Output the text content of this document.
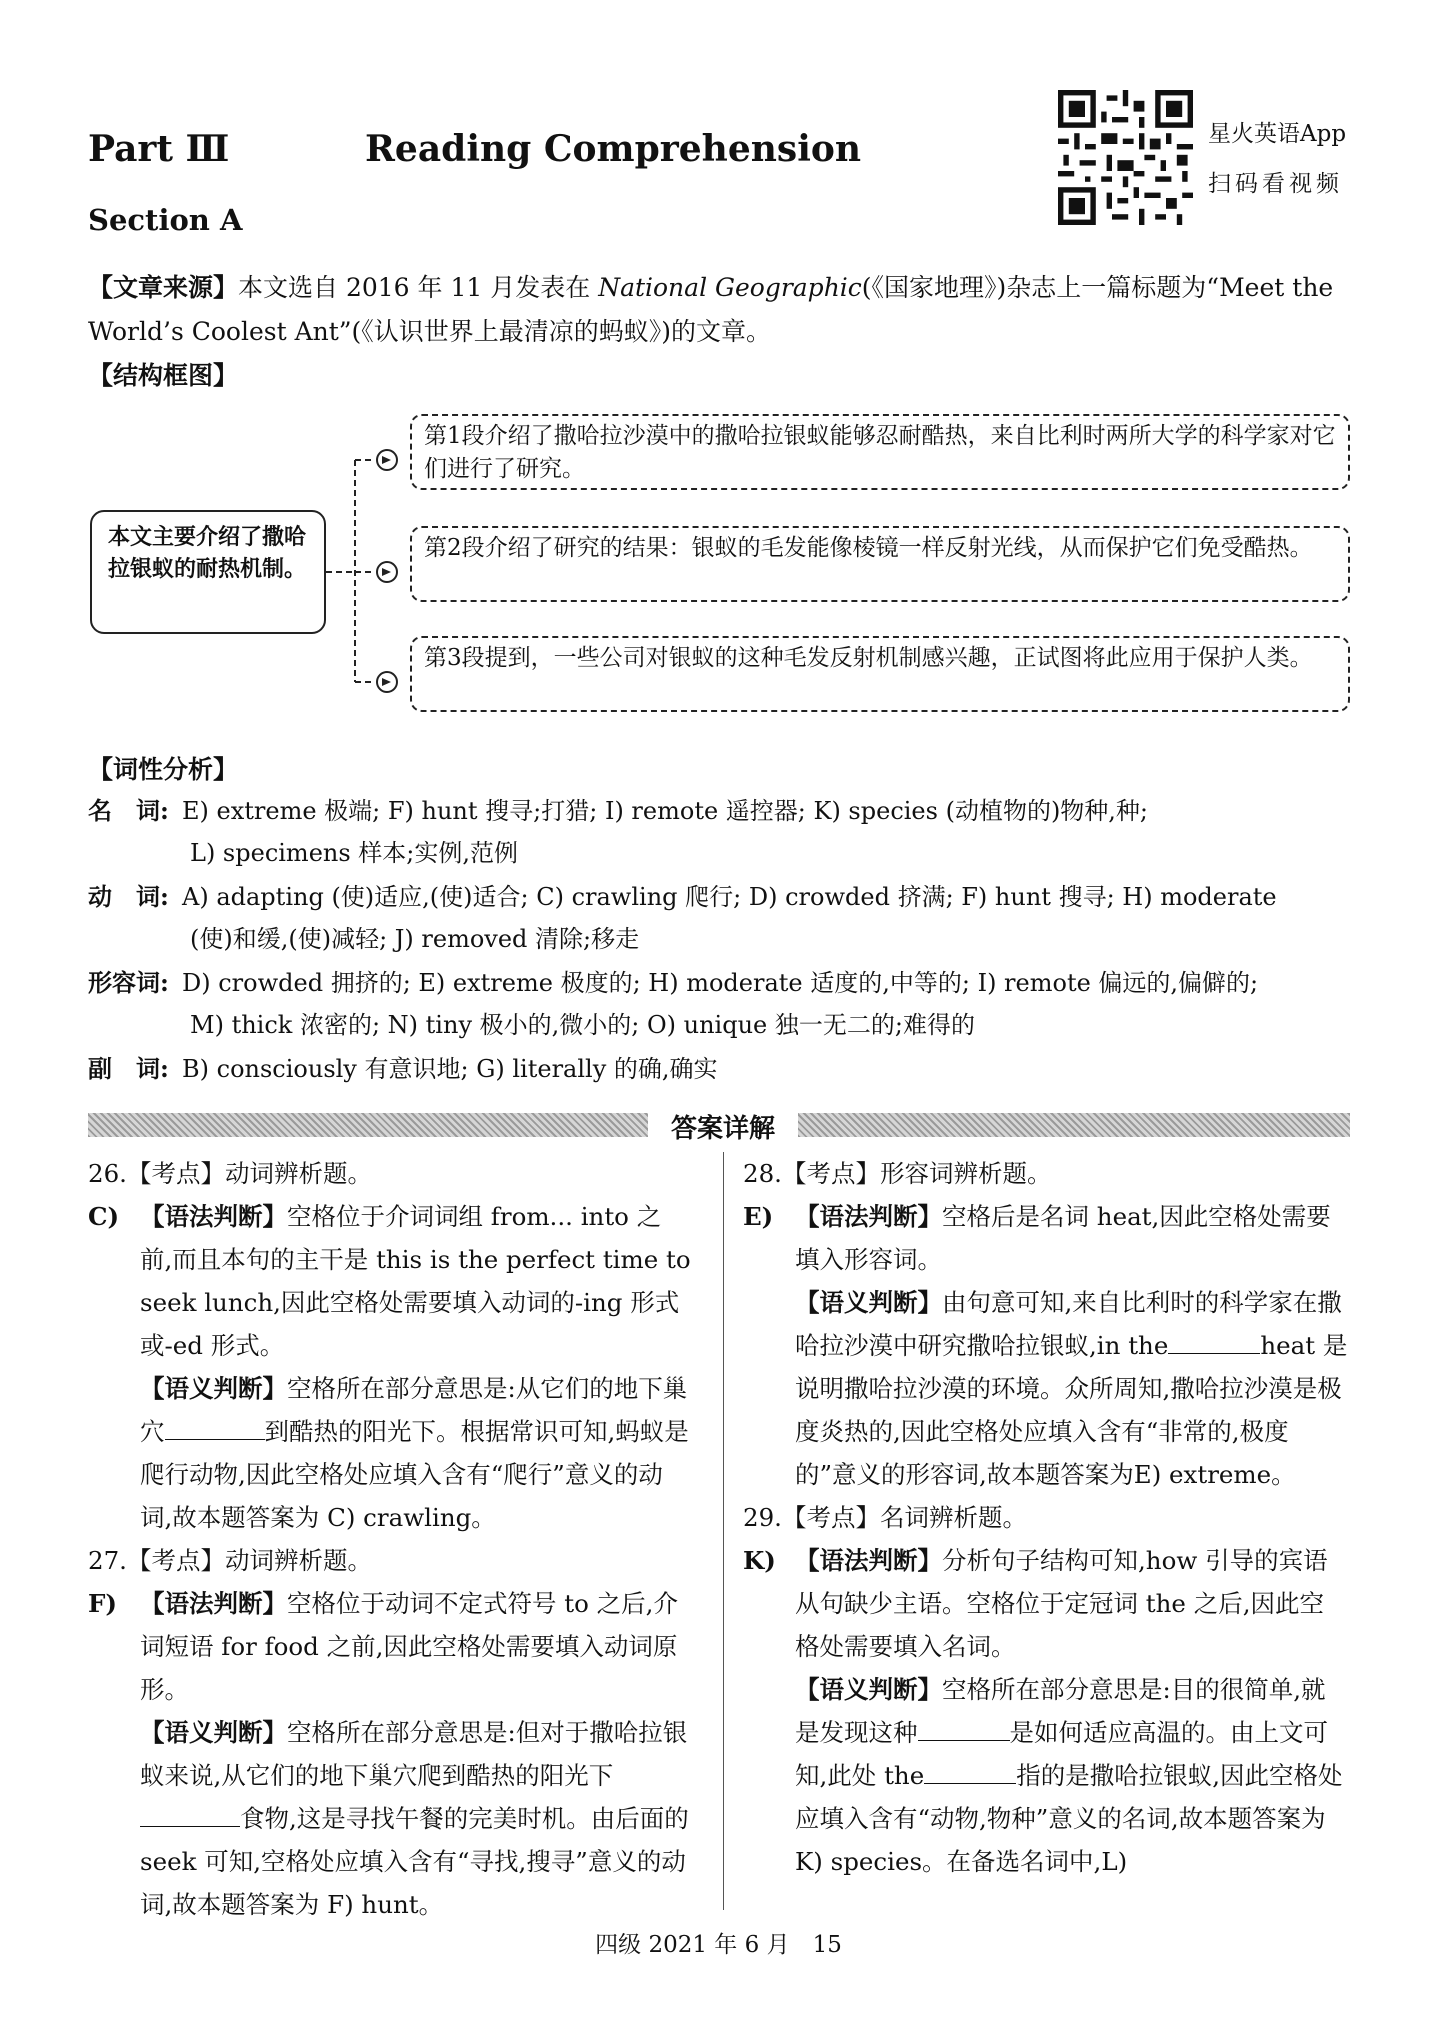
Part Ⅲ	Reading Comprehension
Section A
星火英语App
扫码看视频
【文章来源】本文选自 2016 年 11 月发表在 National Geographic(《国家地理》)杂志上一篇标题为“Meet the World’s Coolest Ant”(《认识世界上最清凉的蚂蚁》)的文章。
【结构框图】
本文主要介绍了撒哈拉银蚁的耐热机制。
第1段介绍了撒哈拉沙漠中的撒哈拉银蚁能够忍耐酷热，来自比利时两所大学的科学家对它们进行了研究。
第2段介绍了研究的结果：银蚁的毛发能像棱镜一样反射光线，从而保护它们免受酷热。
第3段提到，一些公司对银蚁的这种毛发反射机制感兴趣，正试图将此应用于保护人类。
【词性分析】
名　词: E) extreme 极端; F) hunt 搜寻;打猎; I) remote 遥控器; K) species (动植物的)物种,种;
L) specimens 样本;实例,范例
动　词: A) adapting (使)适应,(使)适合; C) crawling 爬行; D) crowded 挤满; F) hunt 搜寻; H) moderate
(使)和缓,(使)减轻; J) removed 清除;移走
形容词: D) crowded 拥挤的; E) extreme 极度的; H) moderate 适度的,中等的; I) remote 偏远的,偏僻的;
M) thick 浓密的; N) tiny 极小的,微小的; O) unique 独一无二的;难得的
副　词: B) consciously 有意识地; G) literally 的确,确实
答案详解

26.【考点】动词辨析题。

C) 【语法判断】空格位于介词词组 from... into 之前,而且本句的主干是 this is the perfect time to seek lunch,因此空格处需要填入动词的-ing 形式或-ed 形式。

【语义判断】空格所在部分意思是:从它们的地下巢穴	到酷热的阳光下。根据常识可知,蚂蚁是爬行动物,因此空格处应填入含有“爬行”意义的动词,故本题答案为 C) crawling。

27.【考点】动词辨析题。

F) 【语法判断】空格位于动词不定式符号 to 之后,介词短语 for food 之前,因此空格处需要填入动词原形。

【语义判断】空格所在部分意思是:但对于撒哈拉银蚁来说,从它们的地下巢穴爬到酷热的阳光下食物,这是寻找午餐的完美时机。由后面的 seek 可知,空格处应填入含有“寻找,搜寻”意义的动词,故本题答案为 F) hunt。

28.【考点】形容词辨析题。

E) 【语法判断】空格后是名词 heat,因此空格处需要填入形容词。

【语义判断】由句意可知,来自比利时的科学家在撒哈拉沙漠中研究撒哈拉银蚁,in the	heat 是说明撒哈拉沙漠的环境。众所周知,撒哈拉沙漠是极度炎热的,因此空格处应填入含有“非常的,极度的”意义的形容词,故本题答案为E) extreme。

29.【考点】名词辨析题。

K) 【语法判断】分析句子结构可知,how 引导的宾语从句缺少主语。空格位于定冠词 the 之后,因此空格处需要填入名词。

【语义判断】空格所在部分意思是:目的很简单,就是发现这种	是如何适应高温的。由上文可知,此处 the	指的是撒哈拉银蚁,因此空格处应填入含有“动物,物种”意义的名词,故本题答案为 K) species。在备选名词中,L)

四级 2021 年 6 月　15
